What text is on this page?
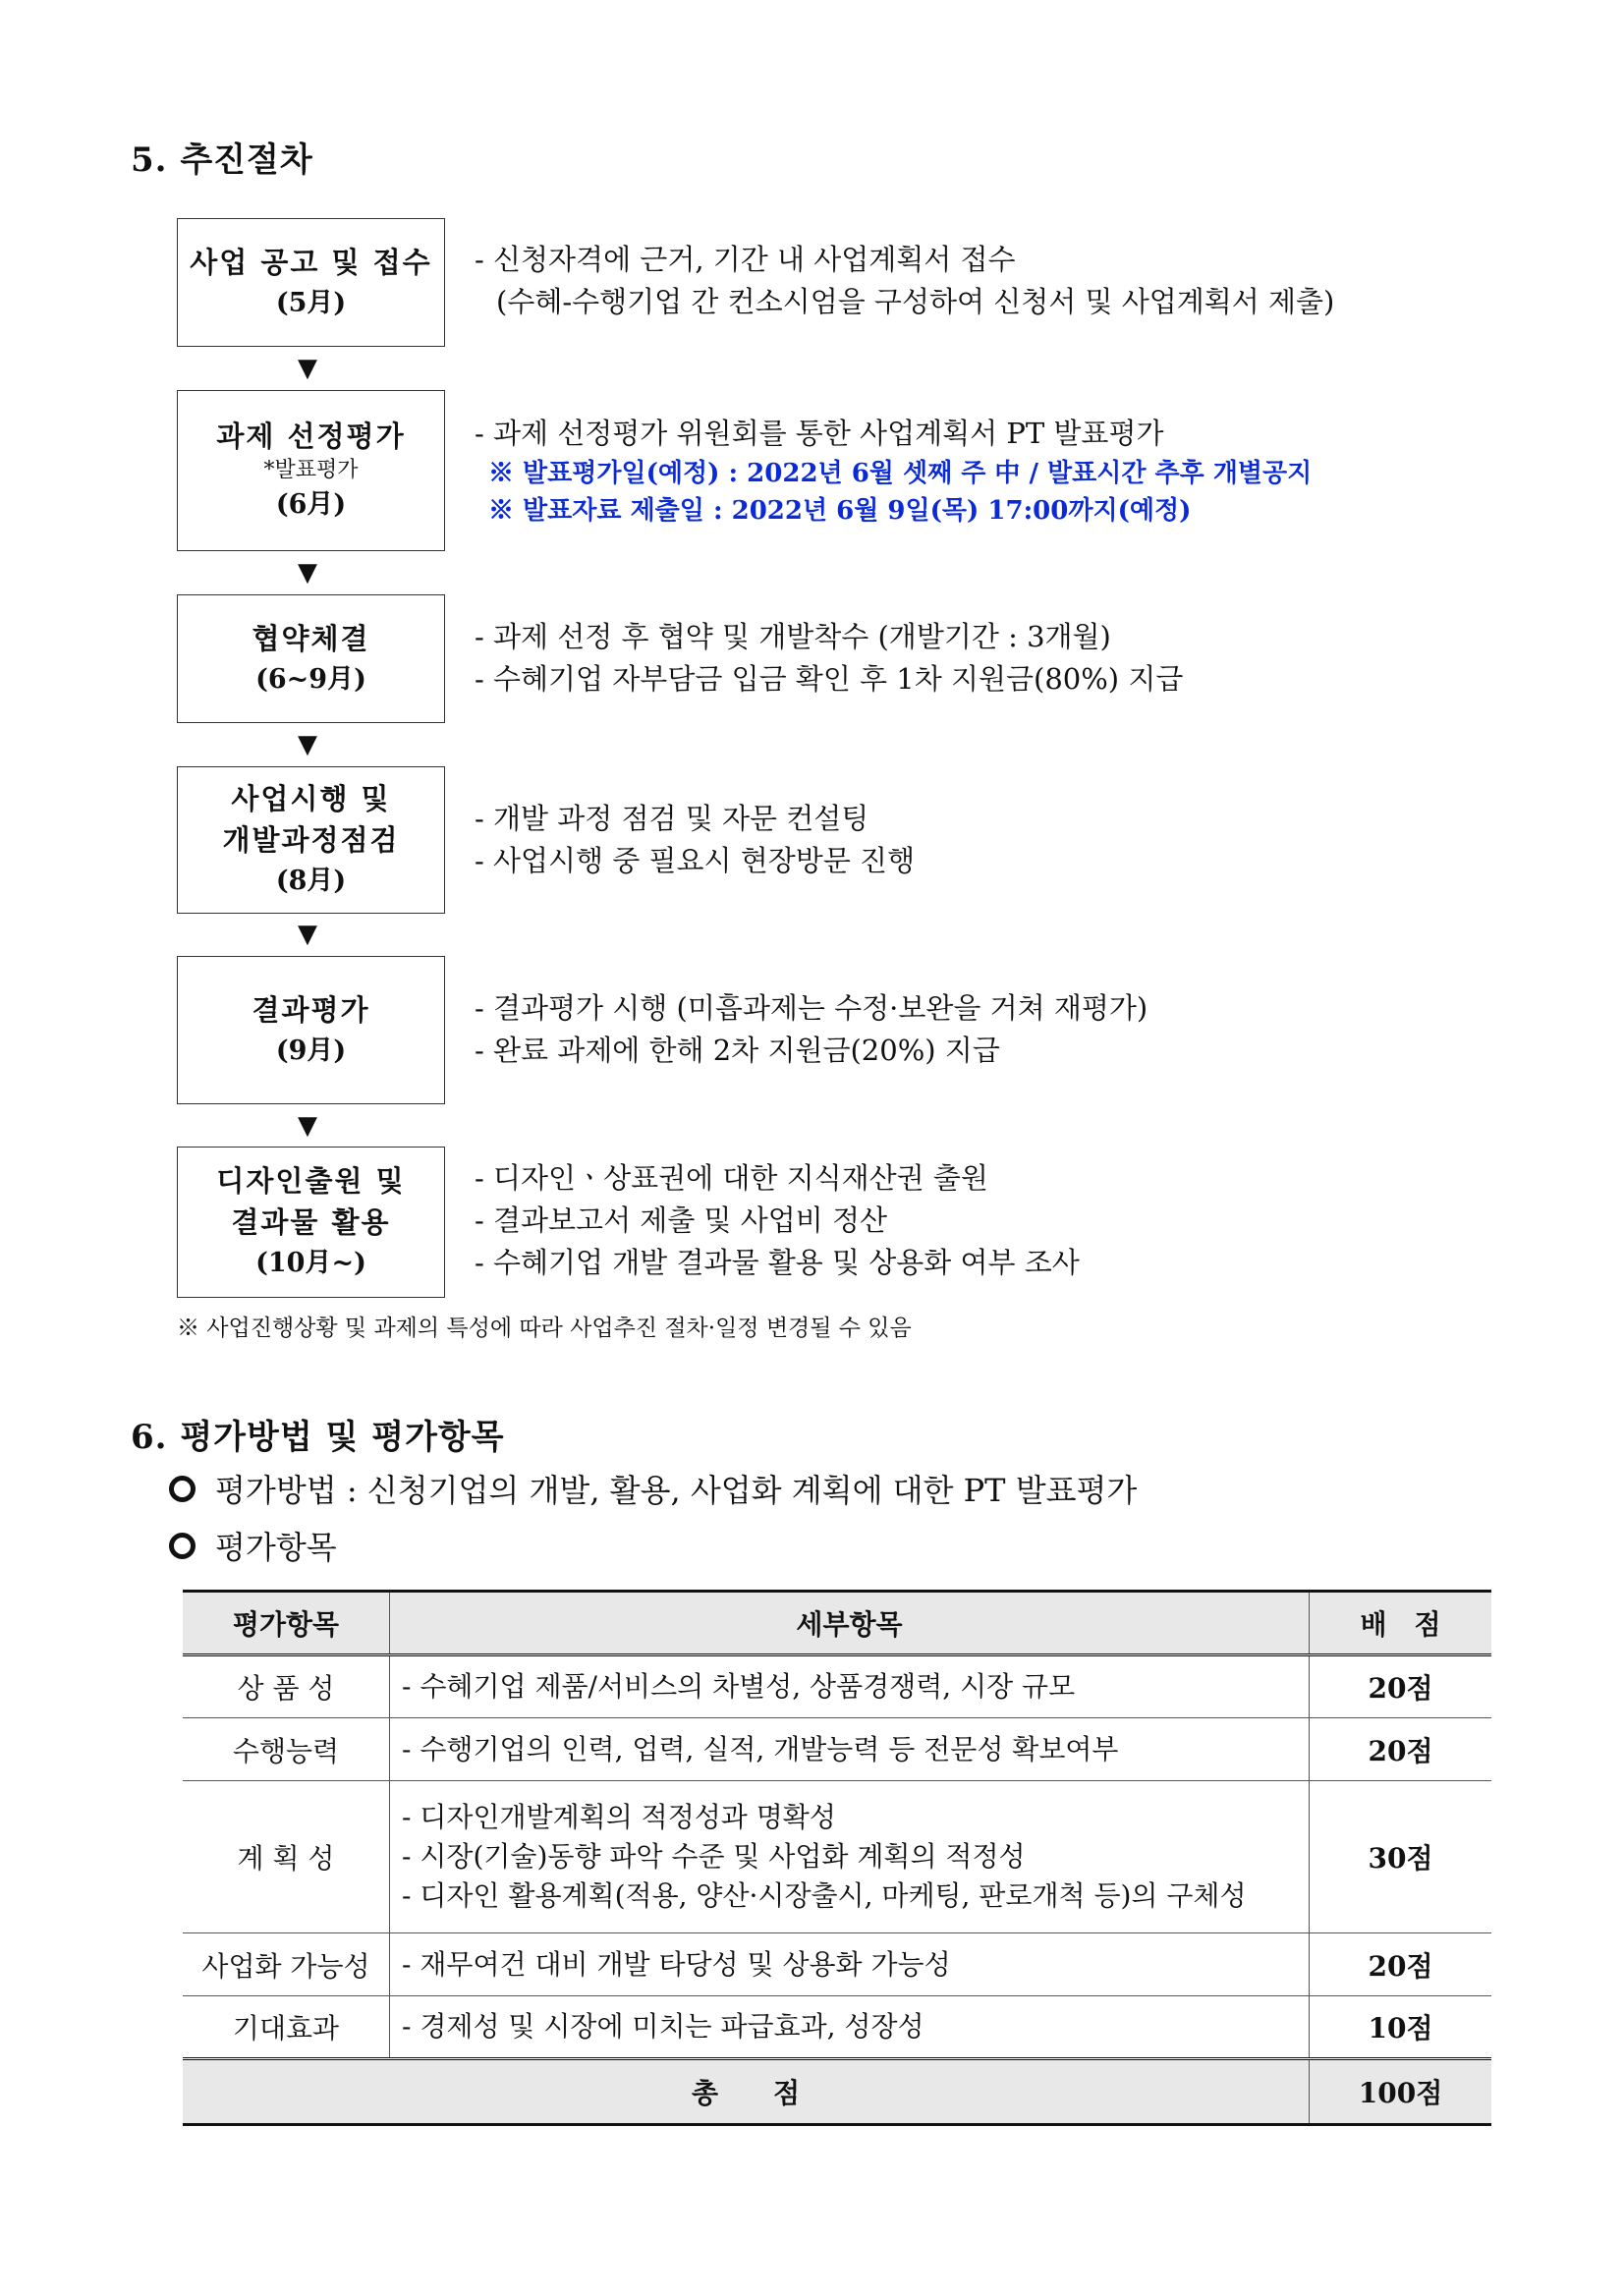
5. 추진절차
사업 공고 및 접수
(5月)
- 신청자격에 근거, 기간 내 사업계획서 접수
(수혜-수행기업 간 컨소시엄을 구성하여 신청서 및 사업계획서 제출)
▼
과제 선정평가
*발표평가
(6月)
- 과제 선정평가 위원회를 통한 사업계획서 PT 발표평가
※ 발표평가일(예정) : 2022년 6월 셋째 주 中 / 발표시간 추후 개별공지
※ 발표자료 제출일 : 2022년 6월 9일(목) 17:00까지(예정)
▼
협약체결
(6~9月)
- 과제 선정 후 협약 및 개발착수 (개발기간 : 3개월)
- 수혜기업 자부담금 입금 확인 후 1차 지원금(80%) 지급
▼
사업시행 및
개발과정점검
(8月)
- 개발 과정 점검 및 자문 컨설팅
- 사업시행 중 필요시 현장방문 진행
▼
결과평가
(9月)
- 결과평가 시행 (미흡과제는 수정·보완을 거쳐 재평가)
- 완료 과제에 한해 2차 지원금(20%) 지급
▼
디자인출원 및
결과물 활용
(10月~)
- 디자인ㆍ상표권에 대한 지식재산권 출원
- 결과보고서 제출 및 사업비 정산
- 수혜기업 개발 결과물 활용 및 상용화 여부 조사
※ 사업진행상황 및 과제의 특성에 따라 사업추진 절차·일정 변경될 수 있음
6. 평가방법 및 평가항목
평가방법 : 신청기업의 개발, 활용, 사업화 계획에 대한 PT 발표평가
평가항목
평가항목	세부항목	배　점
상 품 성	- 수혜기업 제품/서비스의 차별성, 상품경쟁력, 시장 규모	20점
수행능력	- 수행기업의 인력, 업력, 실적, 개발능력 등 전문성 확보여부	20점
계 획 성	- 디자인개발계획의 적정성과 명확성
- 시장(기술)동향 파악 수준 및 사업화 계획의 적정성
- 디자인 활용계획(적용, 양산·시장출시, 마케팅, 판로개척 등)의 구체성	30점
사업화 가능성	- 재무여건 대비 개발 타당성 및 상용화 가능성	20점
기대효과	- 경제성 및 시장에 미치는 파급효과, 성장성	10점
총　　점		100점
